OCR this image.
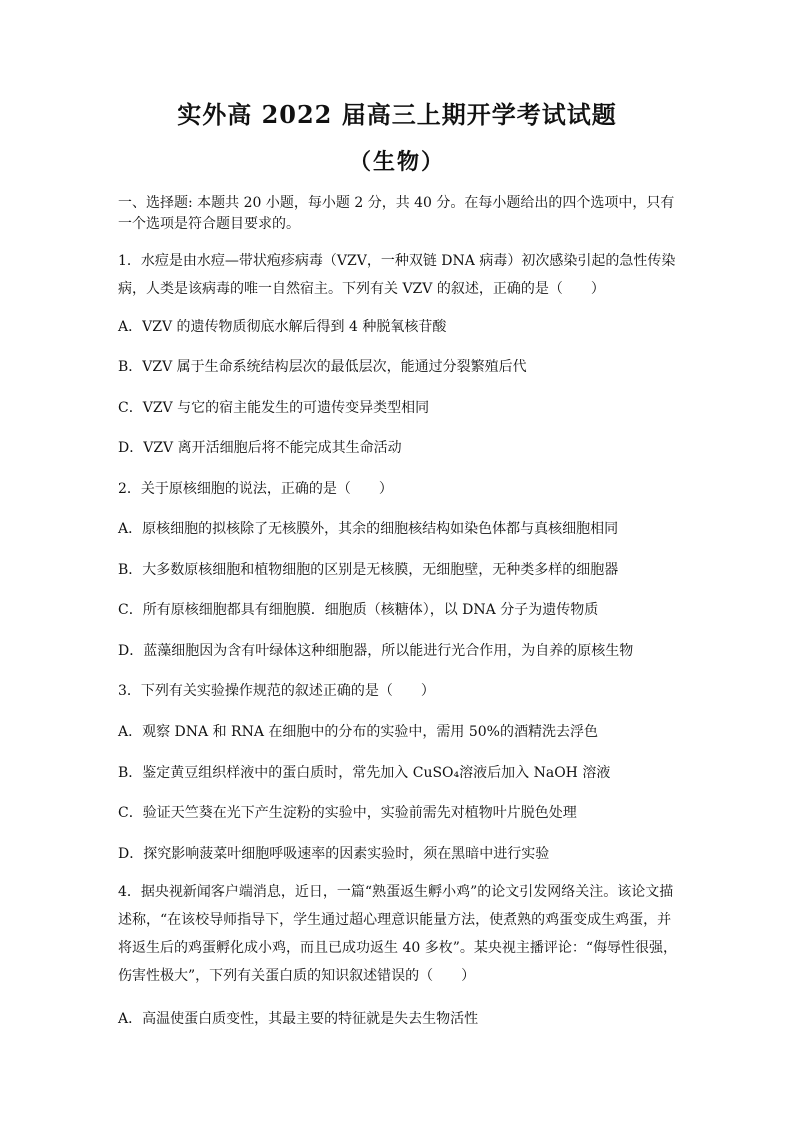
实外高 2022 届高三上期开学考试试题
（生物）
一、选择题: 本题共 20 小题，每小题 2 分，共 40 分。在每小题给出的四个选项中，只有一个选项是符合题目要求的。
1．水痘是由水痘—带状疱疹病毒（VZV，一种双链 DNA 病毒）初次感染引起的急性传染病，人类是该病毒的唯一自然宿主。下列有关 VZV 的叙述，正确的是（　　）
A．VZV 的遗传物质彻底水解后得到 4 种脱氧核苷酸
B．VZV 属于生命系统结构层次的最低层次，能通过分裂繁殖后代
C．VZV 与它的宿主能发生的可遗传变异类型相同
D．VZV 离开活细胞后将不能完成其生命活动
2．关于原核细胞的说法，正确的是（　　）
A．原核细胞的拟核除了无核膜外，其余的细胞核结构如染色体都与真核细胞相同
B．大多数原核细胞和植物细胞的区别是无核膜，无细胞壁，无种类多样的细胞器
C．所有原核细胞都具有细胞膜．细胞质（核糖体），以 DNA 分子为遗传物质
D．蓝藻细胞因为含有叶绿体这种细胞器，所以能进行光合作用，为自养的原核生物
3．下列有关实验操作规范的叙述正确的是（　　）
A．观察 DNA 和 RNA 在细胞中的分布的实验中，需用 50%的酒精洗去浮色
B．鉴定黄豆组织样液中的蛋白质时，常先加入 CuSO₄溶液后加入 NaOH 溶液
C．验证天竺葵在光下产生淀粉的实验中，实验前需先对植物叶片脱色处理
D．探究影响菠菜叶细胞呼吸速率的因素实验时，须在黑暗中进行实验
4．据央视新闻客户端消息，近日，一篇“熟蛋返生孵小鸡”的论文引发网络关注。该论文描述称，“在该校导师指导下，学生通过超心理意识能量方法，使煮熟的鸡蛋变成生鸡蛋，并将返生后的鸡蛋孵化成小鸡，而且已成功返生 40 多枚”。某央视主播评论：“侮辱性很强，伤害性极大”，下列有关蛋白质的知识叙述错误的（　　）
A．高温使蛋白质变性，其最主要的特征就是失去生物活性
